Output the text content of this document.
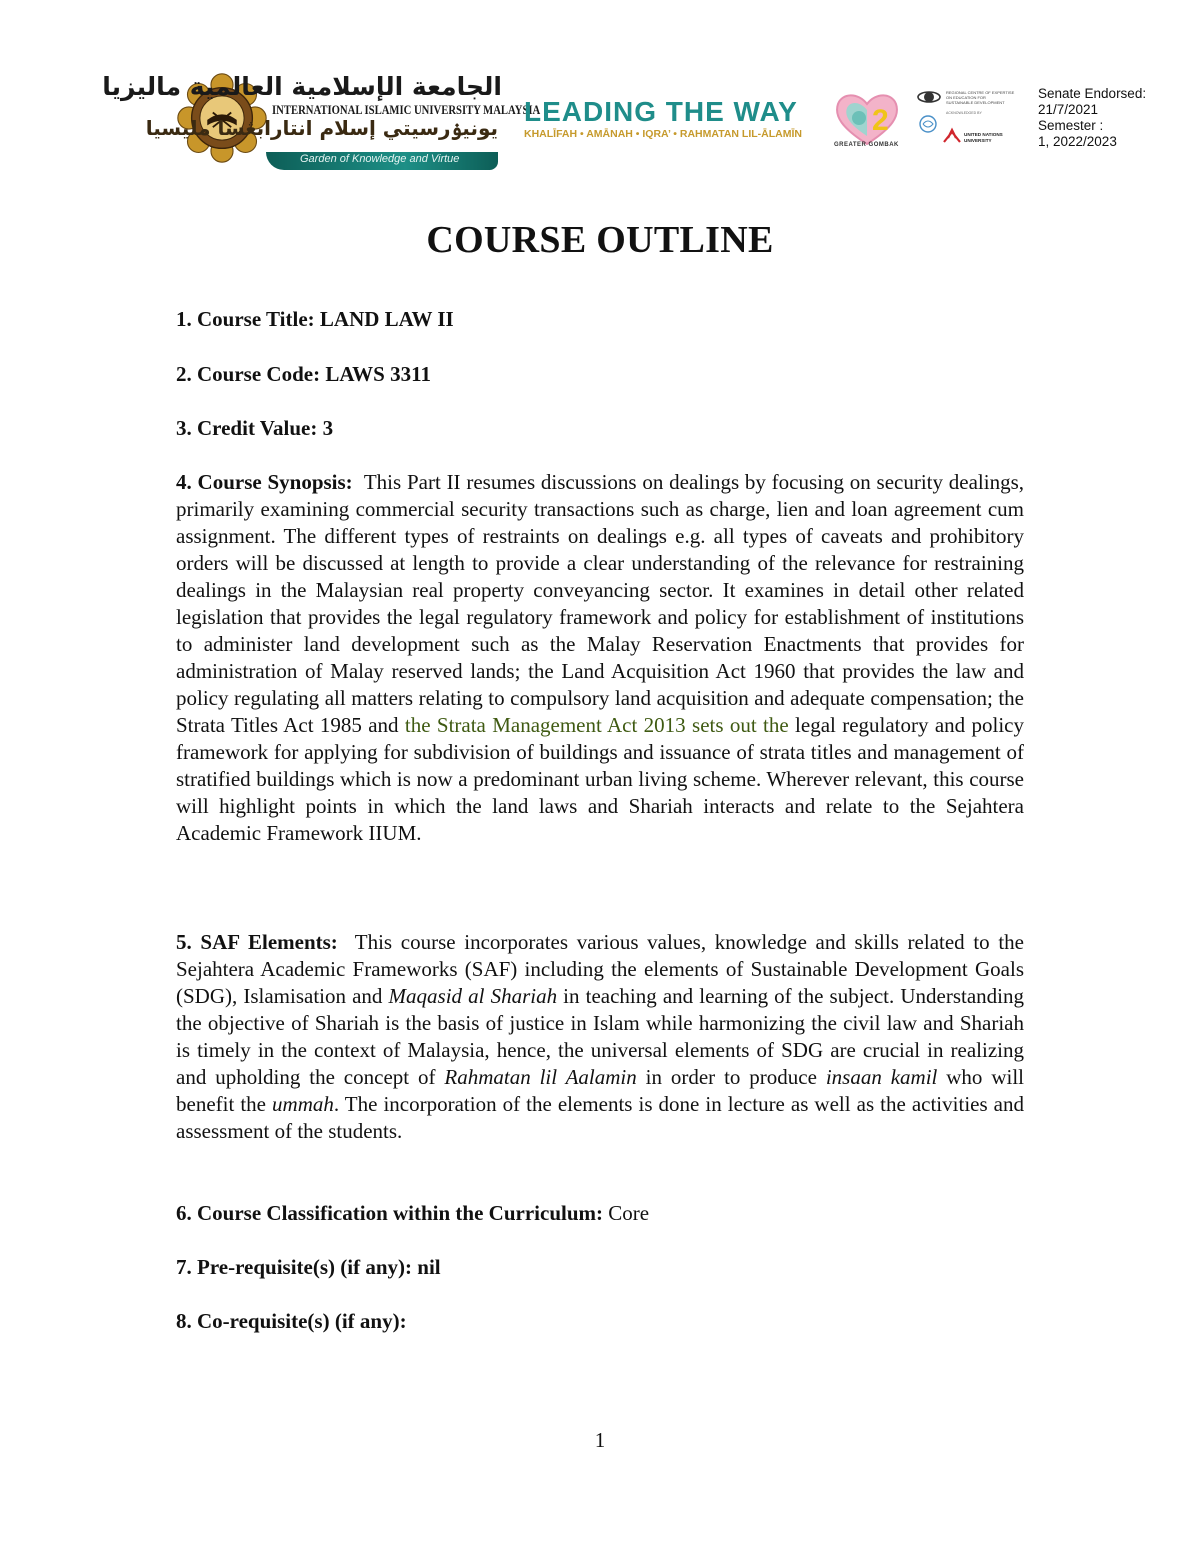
الجامعة الإسلامية العالمية ماليزيا
INTERNATIONAL ISLAMIC UNIVERSITY MALAYSIA
يونيۏرسيتي إسلام انتارابڠسا مليسيا
Garden of Knowledge and Virtue
LEADING THE WAY
KHALĪFAH • AMĀNAH • IQRA’ • RAHMATAN LIL-ĀLAMĪN 2
GREATER GOMBAK
REGIONAL CENTRE OF EXPERTISE
ON EDUCATION FOR
SUSTAINABLE DEVELOPMENT
ACKNOWLEDGED BY
UNITED NATIONS
UNIVERSITY
Senate Endorsed:
21/7/2021
Semester :
1, 2022/2023
COURSE OUTLINE
1. Course Title: LAND LAW II
2. Course Code: LAWS 3311
3. Credit Value: 3
4. Course Synopsis: This Part II resumes discussions on dealings by focusing on security dealings, primarily examining commercial security transactions such as charge, lien and loan agreement cum assignment. The different types of restraints on dealings e.g. all types of caveats and prohibitory orders will be discussed at length to provide a clear understanding of the relevance for restraining dealings in the Malaysian real property conveyancing sector. It examines in detail other related legislation that provides the legal regulatory framework and policy for establishment of institutions to administer land development such as the Malay Reservation Enactments that provides for administration of Malay reserved lands; the Land Acquisition Act 1960 that provides the law and policy regulating all matters relating to compulsory land acquisition and adequate compensation; the Strata Titles Act 1985 and the Strata Management Act 2013 sets out the legal regulatory and policy framework for applying for subdivision of buildings and issuance of strata titles and management of stratified buildings which is now a predominant urban living scheme. Wherever relevant, this course will highlight points in which the land laws and Shariah interacts and relate to the Sejahtera Academic Framework IIUM.
5. SAF Elements: This course incorporates various values, knowledge and skills related to the Sejahtera Academic Frameworks (SAF) including the elements of Sustainable Development Goals (SDG), Islamisation and Maqasid al Shariah in teaching and learning of the subject. Understanding the objective of Shariah is the basis of justice in Islam while harmonizing the civil law and Shariah is timely in the context of Malaysia, hence, the universal elements of SDG are crucial in realizing and upholding the concept of Rahmatan lil Aalamin in order to produce insaan kamil who will benefit the ummah. The incorporation of the elements is done in lecture as well as the activities and assessment of the students.
6. Course Classification within the Curriculum: Core
7. Pre-requisite(s) (if any): nil
8. Co-requisite(s) (if any):
1
